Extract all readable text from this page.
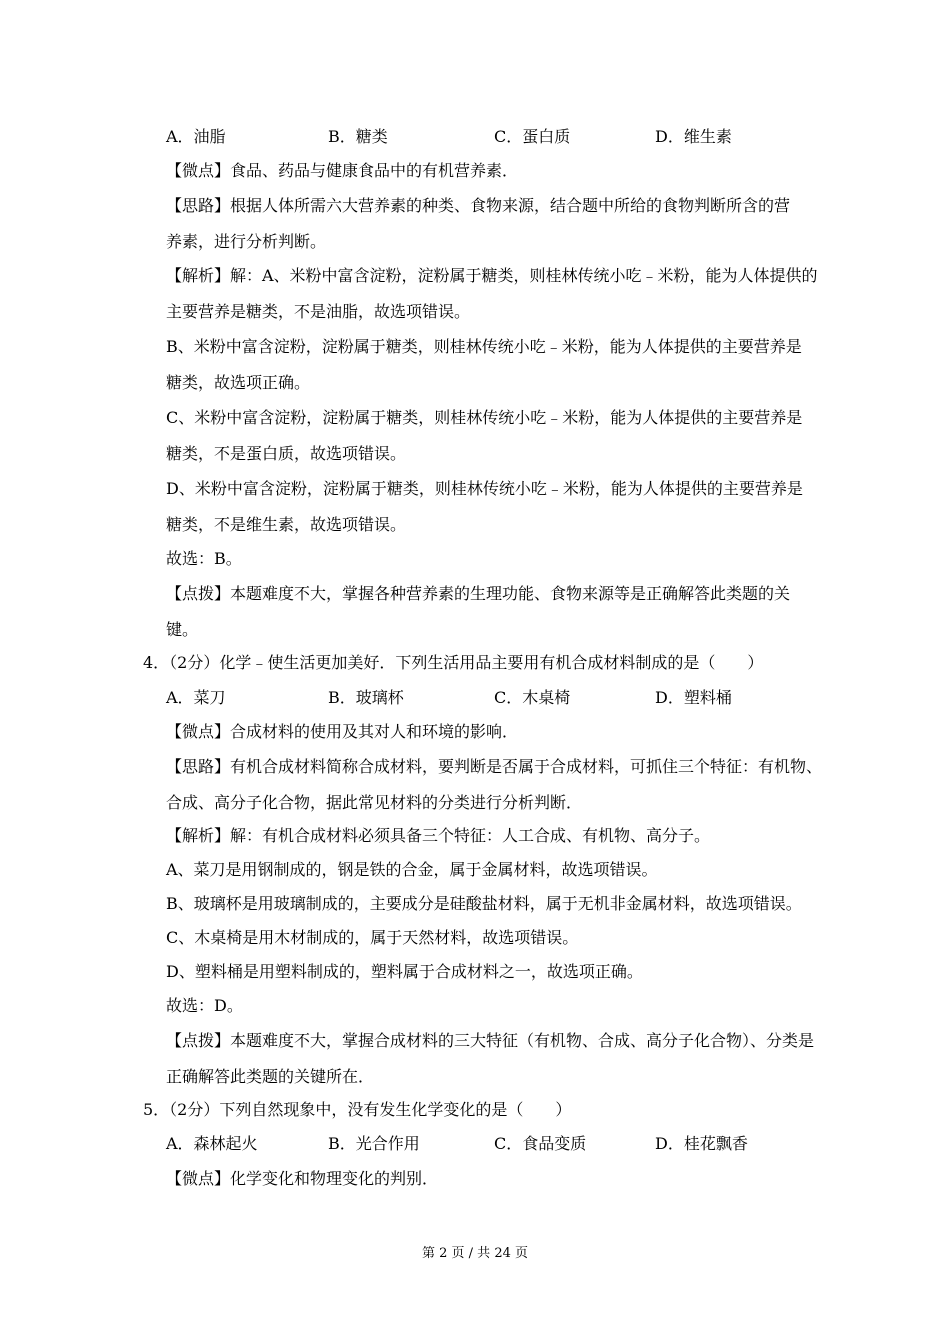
A．油脂	B．糖类	C．蛋白质	D．维生素
【微点】食品、药品与健康食品中的有机营养素．
【思路】根据人体所需六大营养素的种类、食物来源，结合题中所给的食物判断所含的营
养素，进行分析判断。
【解析】解：A、米粉中富含淀粉，淀粉属于糖类，则桂林传统小吃﹣米粉，能为人体提供的
主要营养是糖类，不是油脂，故选项错误。
B、米粉中富含淀粉，淀粉属于糖类，则桂林传统小吃﹣米粉，能为人体提供的主要营养是
糖类，故选项正确。
C、米粉中富含淀粉，淀粉属于糖类，则桂林传统小吃﹣米粉，能为人体提供的主要营养是
糖类，不是蛋白质，故选项错误。
D、米粉中富含淀粉，淀粉属于糖类，则桂林传统小吃﹣米粉，能为人体提供的主要营养是
糖类，不是维生素，故选项错误。
故选：B。
【点拨】本题难度不大，掌握各种营养素的生理功能、食物来源等是正确解答此类题的关
键。
4．（2分）化学﹣使生活更加美好．下列生活用品主要用有机合成材料制成的是（　　）
A．菜刀	B．玻璃杯	C．木桌椅	D．塑料桶
【微点】合成材料的使用及其对人和环境的影响．
【思路】有机合成材料简称合成材料，要判断是否属于合成材料，可抓住三个特征：有机物、
合成、高分子化合物，据此常见材料的分类进行分析判断．
【解析】解：有机合成材料必须具备三个特征：人工合成、有机物、高分子。
A、菜刀是用钢制成的，钢是铁的合金，属于金属材料，故选项错误。
B、玻璃杯是用玻璃制成的，主要成分是硅酸盐材料，属于无机非金属材料，故选项错误。
C、木桌椅是用木材制成的，属于天然材料，故选项错误。
D、塑料桶是用塑料制成的，塑料属于合成材料之一，故选项正确。
故选：D。
【点拨】本题难度不大，掌握合成材料的三大特征（有机物、合成、高分子化合物）、分类是
正确解答此类题的关键所在．
5．（2分）下列自然现象中，没有发生化学变化的是（　　）
A．森林起火	B．光合作用	C．食品变质	D．桂花飘香
【微点】化学变化和物理变化的判别．
第 2 页 / 共 24 页
